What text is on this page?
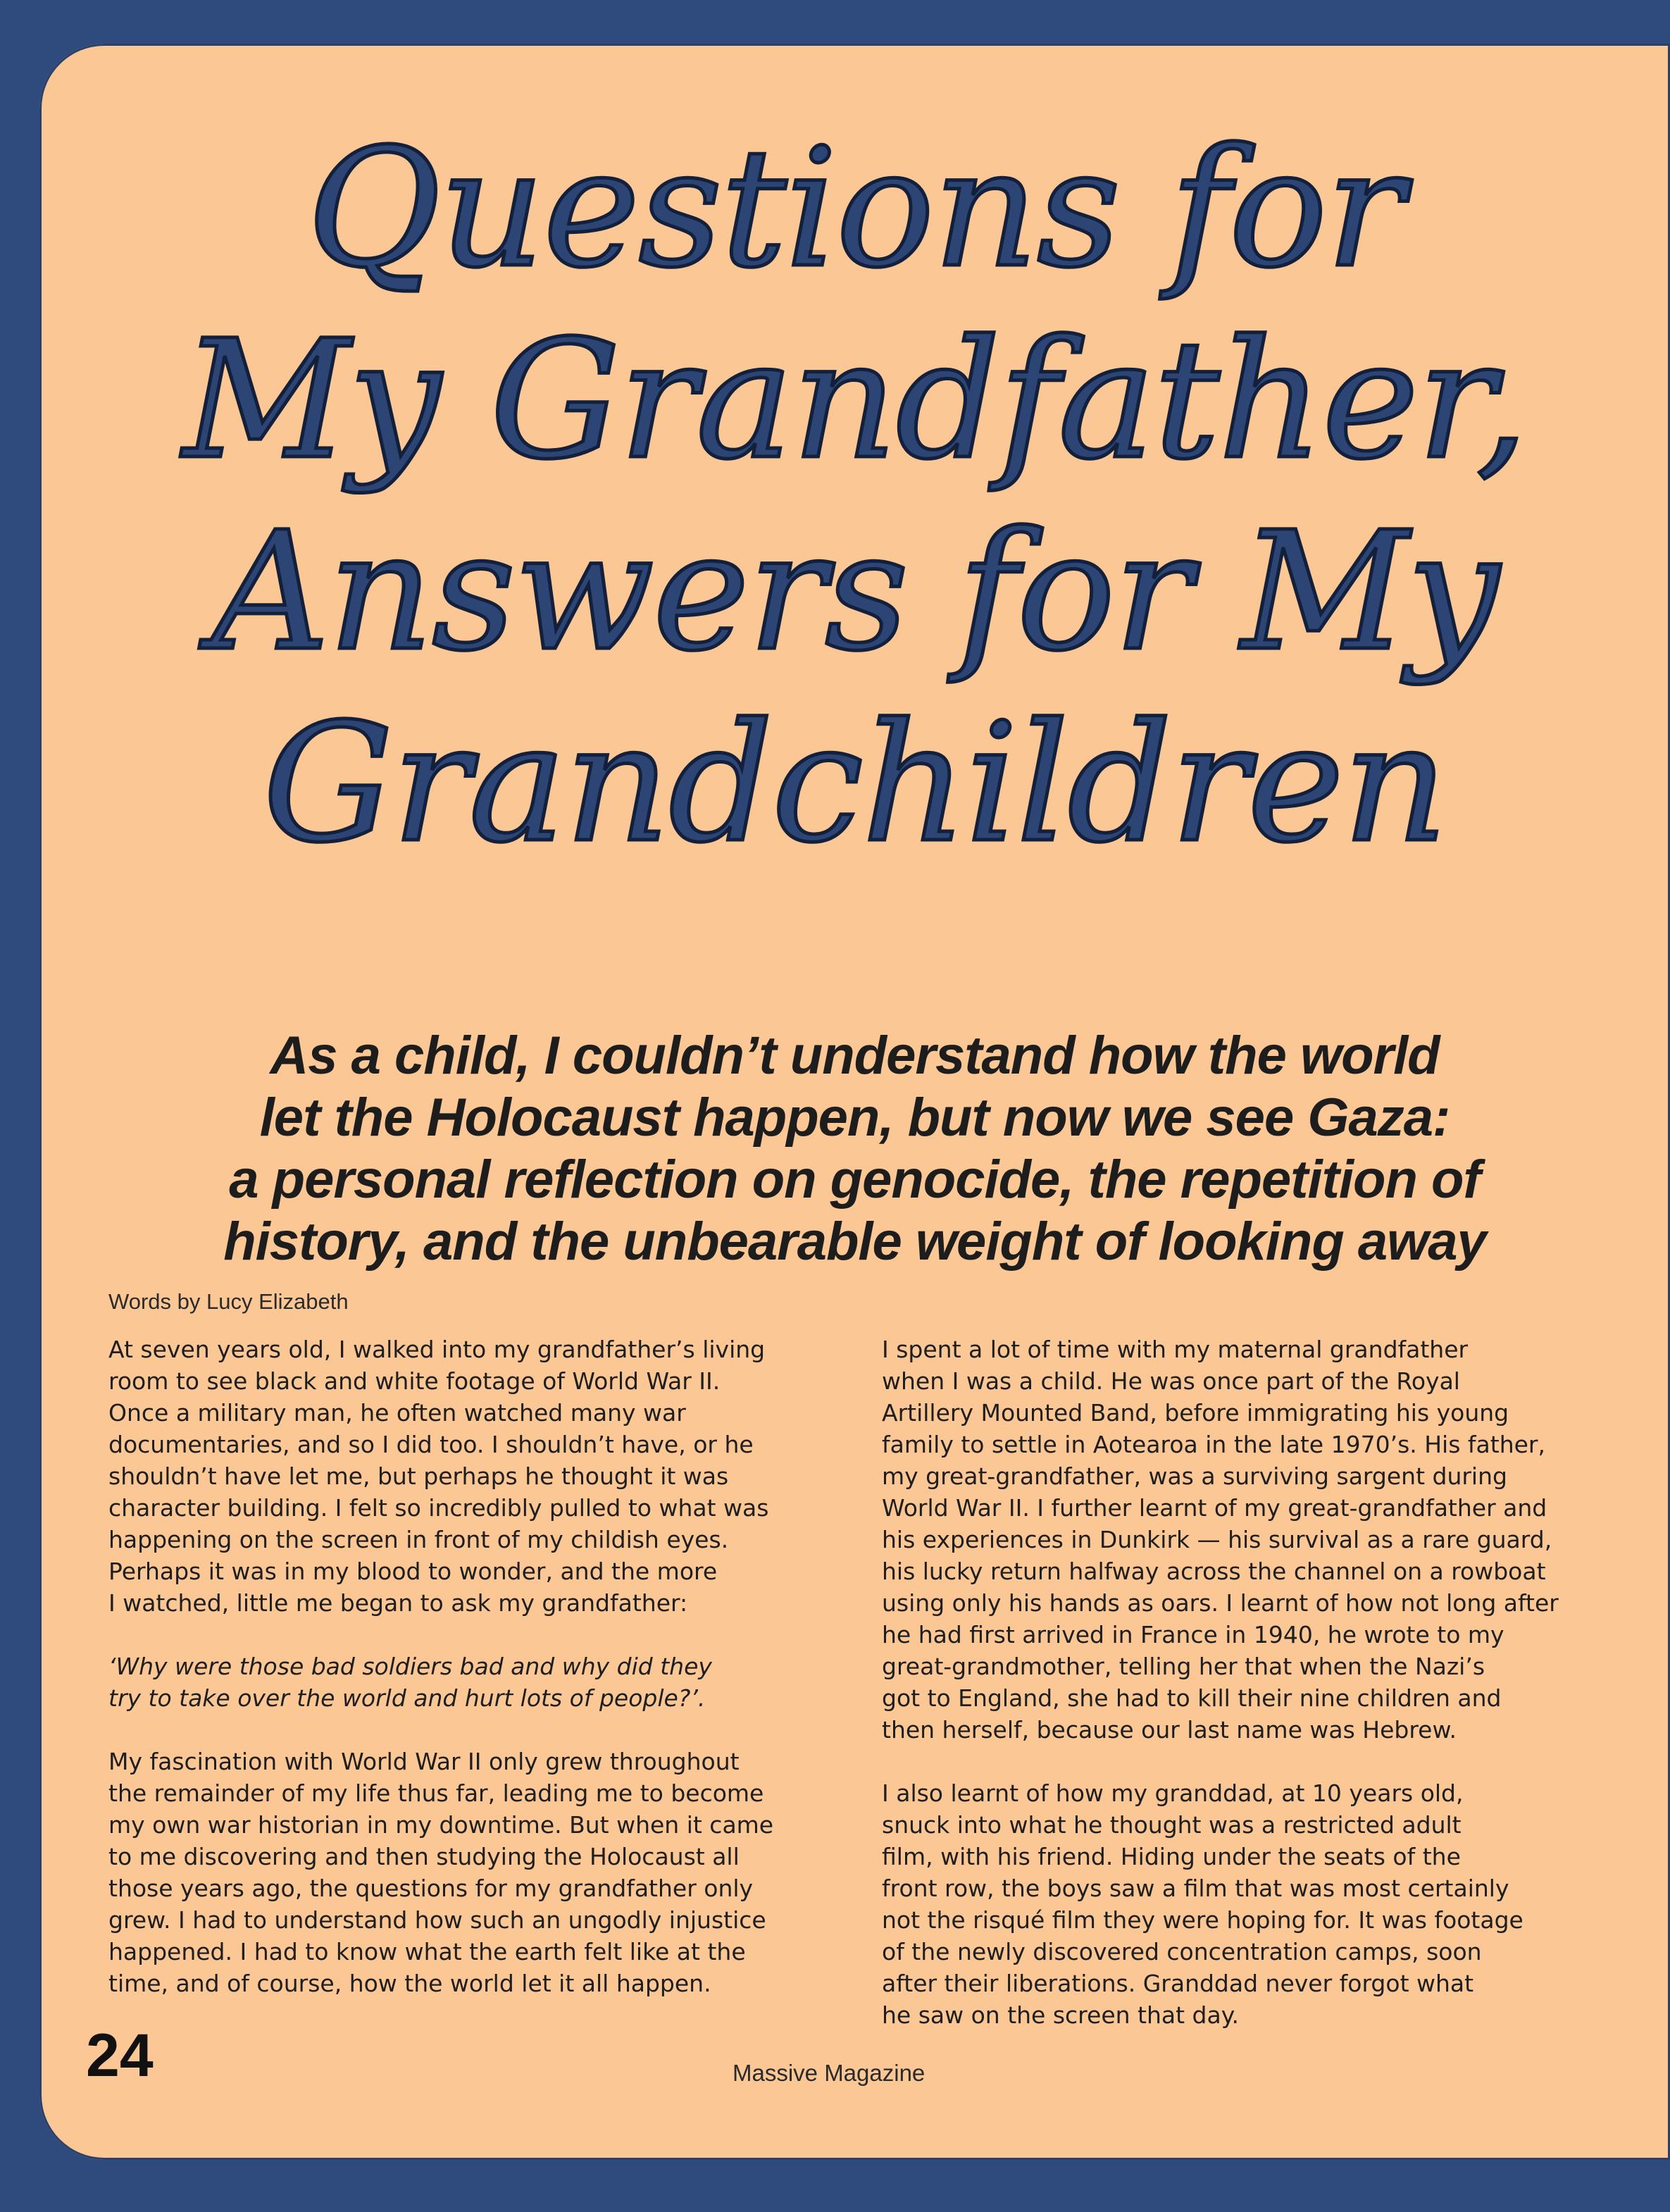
Questions for
My Grandfather,
Answers for My
Grandchildren
As a child, I couldn’t understand how the world
let the Holocaust happen, but now we see Gaza:
a personal reflection on genocide, the repetition of
history, and the unbearable weight of looking away
Words by Lucy Elizabeth
At seven years old, I walked into my grandfather’s living
room to see black and white footage of World War II.
Once a military man, he often watched many war
documentaries, and so I did too. I shouldn’t have, or he
shouldn’t have let me, but perhaps he thought it was
character building. I felt so incredibly pulled to what was
happening on the screen in front of my childish eyes.
Perhaps it was in my blood to wonder, and the more
I watched, little me began to ask my grandfather:
‘Why were those bad soldiers bad and why did they
try to take over the world and hurt lots of people?’.
My fascination with World War II only grew throughout
the remainder of my life thus far, leading me to become
my own war historian in my downtime. But when it came
to me discovering and then studying the Holocaust all
those years ago, the questions for my grandfather only
grew. I had to understand how such an ungodly injustice
happened. I had to know what the earth felt like at the
time, and of course, how the world let it all happen.
I spent a lot of time with my maternal grandfather
when I was a child. He was once part of the Royal
Artillery Mounted Band, before immigrating his young
family to settle in Aotearoa in the late 1970’s. His father,
my great-grandfather, was a surviving sargent during
World War II. I further learnt of my great-grandfather and
his experiences in Dunkirk — his survival as a rare guard,
his lucky return halfway across the channel on a rowboat
using only his hands as oars. I learnt of how not long after
he had first arrived in France in 1940, he wrote to my
great-grandmother, telling her that when the Nazi’s
got to England, she had to kill their nine children and
then herself, because our last name was Hebrew.
I also learnt of how my granddad, at 10 years old,
snuck into what he thought was a restricted adult
film, with his friend. Hiding under the seats of the
front row, the boys saw a film that was most certainly
not the risqué film they were hoping for. It was footage
of the newly discovered concentration camps, soon
after their liberations. Granddad never forgot what
he saw on the screen that day.
24	Massive Magazine
